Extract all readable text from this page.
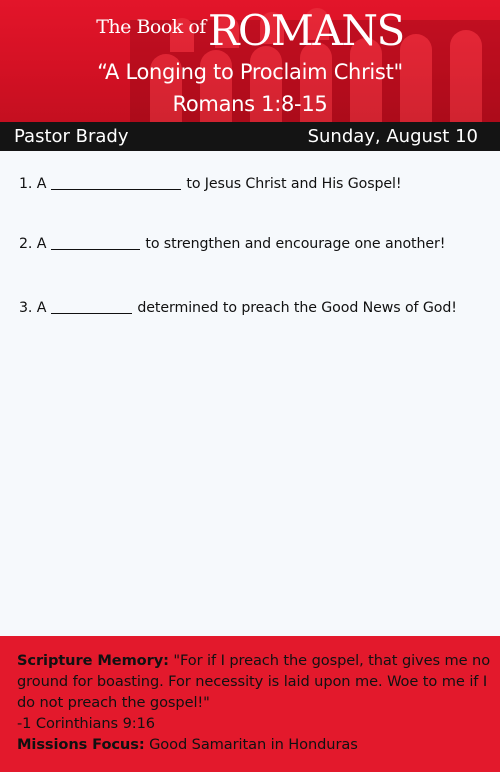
The Book ofROMANS
“A Longing to Proclaim Christ"
Romans 1:8-15
Pastor Brady	Sunday, August 10
1. A	to Jesus Christ and His Gospel!
2. A	to strengthen and encourage one another!
3. A	determined to preach the Good News of God!
Scripture Memory: "For if I preach the gospel, that gives me no ground for boasting. For necessity is laid upon me. Woe to me if I do not preach the gospel!"
-1 Corinthians 9:16
Missions Focus: Good Samaritan in Honduras
